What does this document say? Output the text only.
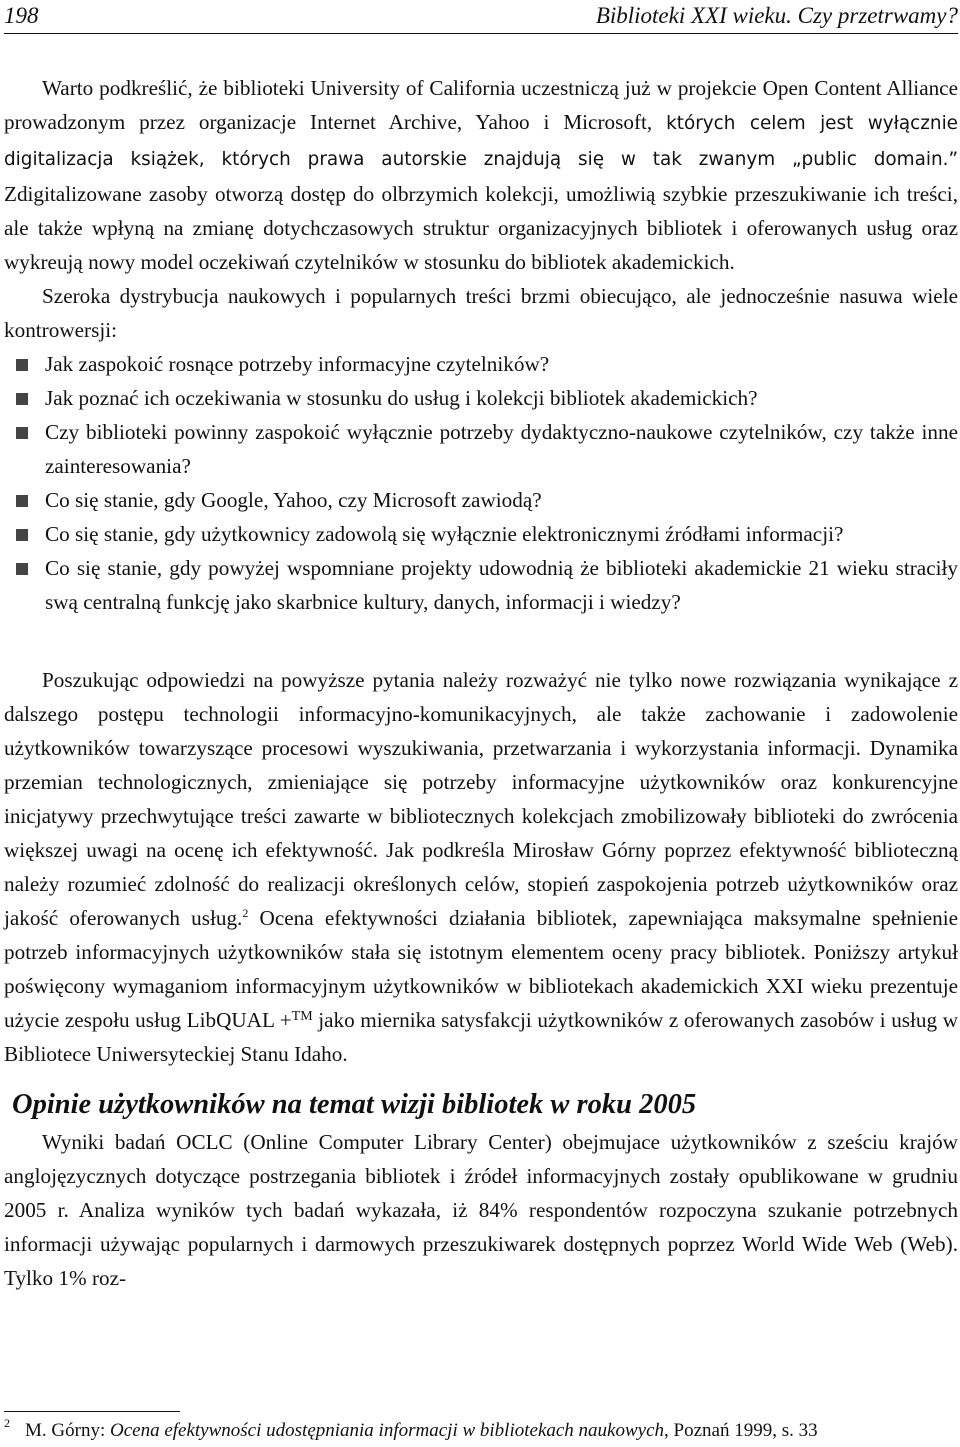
198	Biblioteki XXI wieku. Czy przetrwamy?

Warto podkreślić, że biblioteki University of California uczestniczą już w projekcie Open Content Alliance prowadzonym przez organizacje Internet Archive, Yahoo i Microsoft, których celem jest wyłącznie digitalizacja książek, których prawa autorskie znajdują się w tak zwanym „public domain.” Zdigitalizowane zasoby otworzą dostęp do olbrzymich kolekcji, umożliwią szybkie przeszukiwanie ich treści, ale także wpłyną na zmianę dotychczasowych struktur organizacyjnych bibliotek i oferowanych usług oraz wykreują nowy model oczekiwań czytelników w stosunku do bibliotek akademickich.

Szeroka dystrybucja naukowych i popularnych treści brzmi obiecująco, ale jednocześnie nasuwa wiele kontrowersji:

Jak zaspokoić rosnące potrzeby informacyjne czytelników?
Jak poznać ich oczekiwania w stosunku do usług i kolekcji bibliotek akademickich?
Czy biblioteki powinny zaspokoić wyłącznie potrzeby dydaktyczno-naukowe czytelników, czy także inne zainteresowania?
Co się stanie, gdy Google, Yahoo, czy Microsoft zawiodą?
Co się stanie, gdy użytkownicy zadowolą się wyłącznie elektronicznymi źródłami informacji?
Co się stanie, gdy powyżej wspomniane projekty udowodnią że biblioteki akademickie 21 wieku straciły swą centralną funkcję jako skarbnice kultury, danych, informacji i wiedzy?

Poszukując odpowiedzi na powyższe pytania należy rozważyć nie tylko nowe rozwiązania wynikające z dalszego postępu technologii informacyjno-komunikacyjnych, ale także zachowanie i zadowolenie użytkowników towarzyszące procesowi wyszukiwania, przetwarzania i wykorzystania informacji. Dynamika przemian technologicznych, zmieniające się potrzeby informacyjne użytkowników oraz konkurencyjne inicjatywy przechwytujące treści zawarte w bibliotecznych kolekcjach zmobilizowały biblioteki do zwrócenia większej uwagi na ocenę ich efektywność. Jak podkreśla Mirosław Górny poprzez efektywność biblioteczną należy rozumieć zdolność do realizacji określonych celów, stopień zaspokojenia potrzeb użytkowników oraz jakość oferowanych usług.$^2$ Ocena efektywności działania bibliotek, zapewniająca maksymalne spełnienie potrzeb informacyjnych użytkowników stała się istotnym elementem oceny pracy bibliotek. Poniższy artykuł poświęcony wymaganiom informacyjnym użytkowników w bibliotekach akademickich XXI wieku prezentuje użycie zespołu usług LibQUAL +™ jako miernika satysfakcji użytkowników z oferowanych zasobów i usług w Bibliotece Uniwersyteckiej Stanu Idaho.

Opinie użytkowników na temat wizji bibliotek w roku 2005

Wyniki badań OCLC (Online Computer Library Center) obejmujace użytkowników z sześciu krajów anglojęzycznych dotyczące postrzegania bibliotek i źródeł informacyjnych zostały opublikowane w grudniu 2005 r. Analiza wyników tych badań wykazała, iż 84% respondentów rozpoczyna szukanie potrzebnych informacji używając popularnych i darmowych przeszukiwarek dostępnych poprzez World Wide Web (Web). Tylko 1% roz-

$^2$ M. Górny: Ocena efektywności udostępniania informacji w bibliotekach naukowych, Poznań 1999, s. 33
